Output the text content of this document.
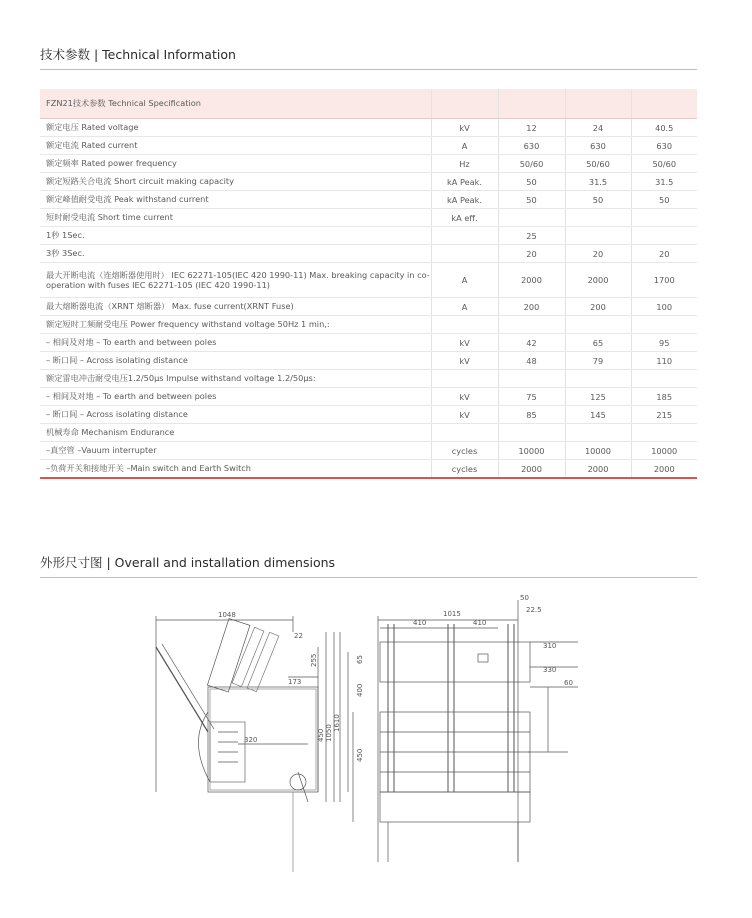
技术参数 | Technical Information
FZN21技术参数 Technical Specification				
额定电压 Rated voltage	kV	12	24	40.5
额定电流 Rated current	A	630	630	630
额定频率 Rated power frequency	Hz	50/60	50/60	50/60
额定短路关合电流 Short circuit making capacity	kA Peak.	50	31.5	31.5
额定峰值耐受电流 Peak withstand current	kA Peak.	50	50	50
短时耐受电流 Short time current	kA eff.			
1秒 1Sec.		25		
3秒 3Sec.		20	20	20
最大开断电流（连熔断器使用时） IEC 62271-105(IEC 420 1990-11) Max. breaking capacity in co-operation with fuses IEC 62271-105 (IEC 420 1990-11)	A	2000	2000	1700
最大熔断器电流（XRNT 熔断器） Max. fuse current(XRNT Fuse)	A	200	200	100
额定短时工频耐受电压 Power frequency withstand voltage 50Hz 1 min,:				
– 相间及对地 – To earth and between poles	kV	42	65	95
– 断口间 – Across isolating distance	kV	48	79	110
额定雷电冲击耐受电压1.2/50μs Impulse withstand voltage 1.2/50μs:				
– 相间及对地 – To earth and between poles	kV	75	125	185
– 断口间 – Across isolating distance	kV	85	145	215
机械寿命 Mechanism Endurance				
–真空管 –Vauum interrupter	cycles	10000	10000	10000
–负荷开关和接地开关 –Main switch and Earth Switch	cycles	2000	2000	2000
外形尺寸图 | Overall and installation dimensions
1048
22
173
255
320	450 1050
1610
50
22.5
1015
410	410
310
330
60
65
400
450
